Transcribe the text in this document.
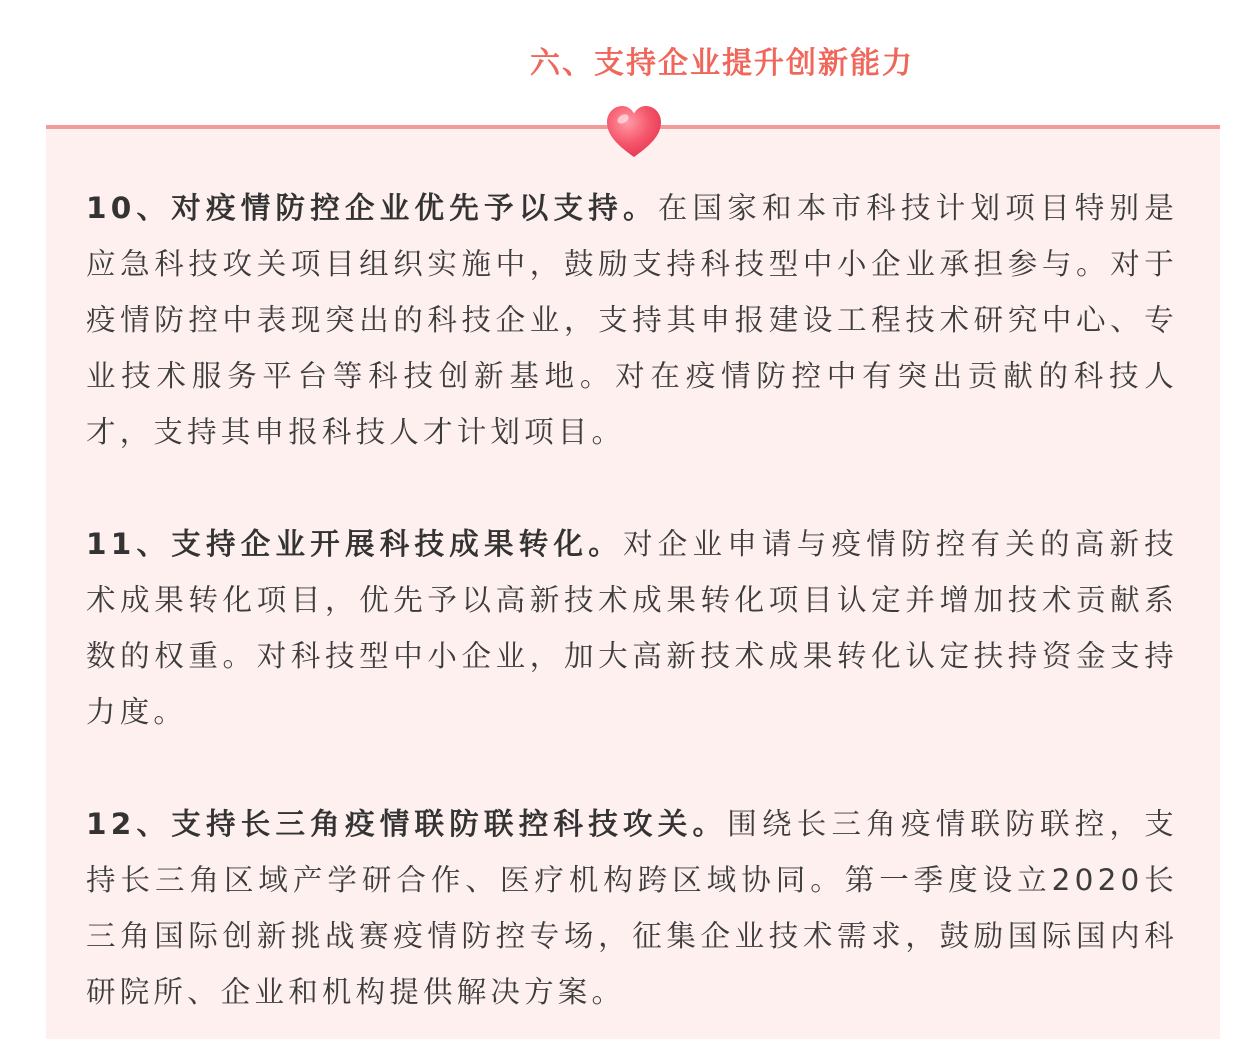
六、支持企业提升创新能力

10、对疫情防控企业优先予以支持。在国家和本市科技计划项目特别是应急科技攻关项目组织实施中，鼓励支持科技型中小企业承担参与。对于疫情防控中表现突出的科技企业，支持其申报建设工程技术研究中心、专业技术服务平台等科技创新基地。对在疫情防控中有突出贡献的科技人才，支持其申报科技人才计划项目。

11、支持企业开展科技成果转化。对企业申请与疫情防控有关的高新技术成果转化项目，优先予以高新技术成果转化项目认定并增加技术贡献系数的权重。对科技型中小企业，加大高新技术成果转化认定扶持资金支持力度。

12、支持长三角疫情联防联控科技攻关。围绕长三角疫情联防联控，支持长三角区域产学研合作、医疗机构跨区域协同。第一季度设立2020长三角国际创新挑战赛疫情防控专场，征集企业技术需求，鼓励国际国内科研院所、企业和机构提供解决方案。
